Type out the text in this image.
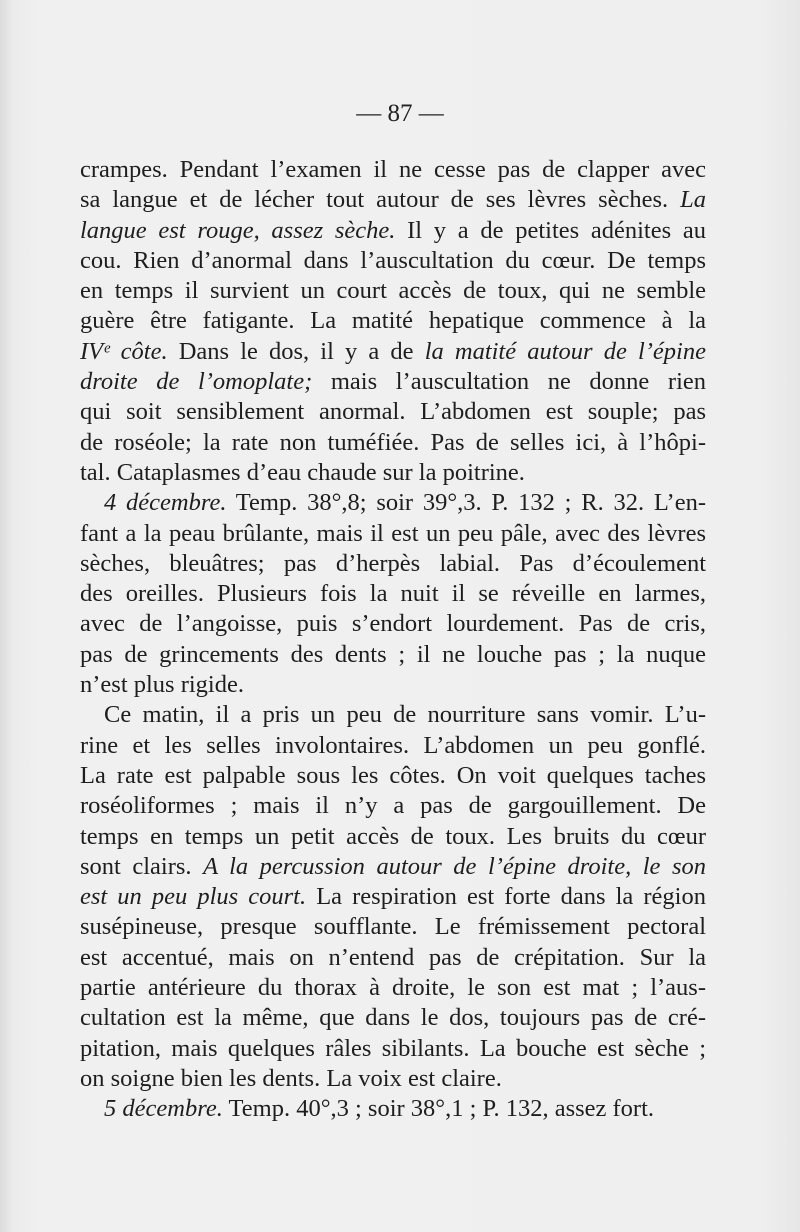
— 87 —
crampes. Pendant l’examen il ne cesse pas de clapper avec
sa langue et de lécher tout autour de ses lèvres sèches. La
langue est rouge, assez sèche. Il y a de petites adénites au
cou. Rien d’anormal dans l’auscultation du cœur. De temps
en temps il survient un court accès de toux, qui ne semble
guère être fatigante. La matité hepatique commence à la
IVᵉ côte. Dans le dos, il y a de la matité autour de l’épine
droite de l’omoplate; mais l’auscultation ne donne rien
qui soit sensiblement anormal. L’abdomen est souple; pas
de roséole; la rate non tuméfiée. Pas de selles ici, à l’hôpi-
tal. Cataplasmes d’eau chaude sur la poitrine.
4 décembre. Temp. 38°,8; soir 39°,3. P. 132 ; R. 32. L’en-
fant a la peau brûlante, mais il est un peu pâle, avec des lèvres
sèches, bleuâtres; pas d’herpès labial. Pas d’écoulement
des oreilles. Plusieurs fois la nuit il se réveille en larmes,
avec de l’angoisse, puis s’endort lourdement. Pas de cris,
pas de grincements des dents ; il ne louche pas ; la nuque
n’est plus rigide.
Ce matin, il a pris un peu de nourriture sans vomir. L’u-
rine et les selles involontaires. L’abdomen un peu gonflé.
La rate est palpable sous les côtes. On voit quelques taches
roséoliformes ; mais il n’y a pas de gargouillement. De
temps en temps un petit accès de toux. Les bruits du cœur
sont clairs. A la percussion autour de l’épine droite, le son
est un peu plus court. La respiration est forte dans la région
susépineuse, presque soufflante. Le frémissement pectoral
est accentué, mais on n’entend pas de crépitation. Sur la
partie antérieure du thorax à droite, le son est mat ; l’aus-
cultation est la même, que dans le dos, toujours pas de cré-
pitation, mais quelques râles sibilants. La bouche est sèche ;
on soigne bien les dents. La voix est claire.
5 décembre. Temp. 40°,3 ; soir 38°,1 ; P. 132, assez fort.
